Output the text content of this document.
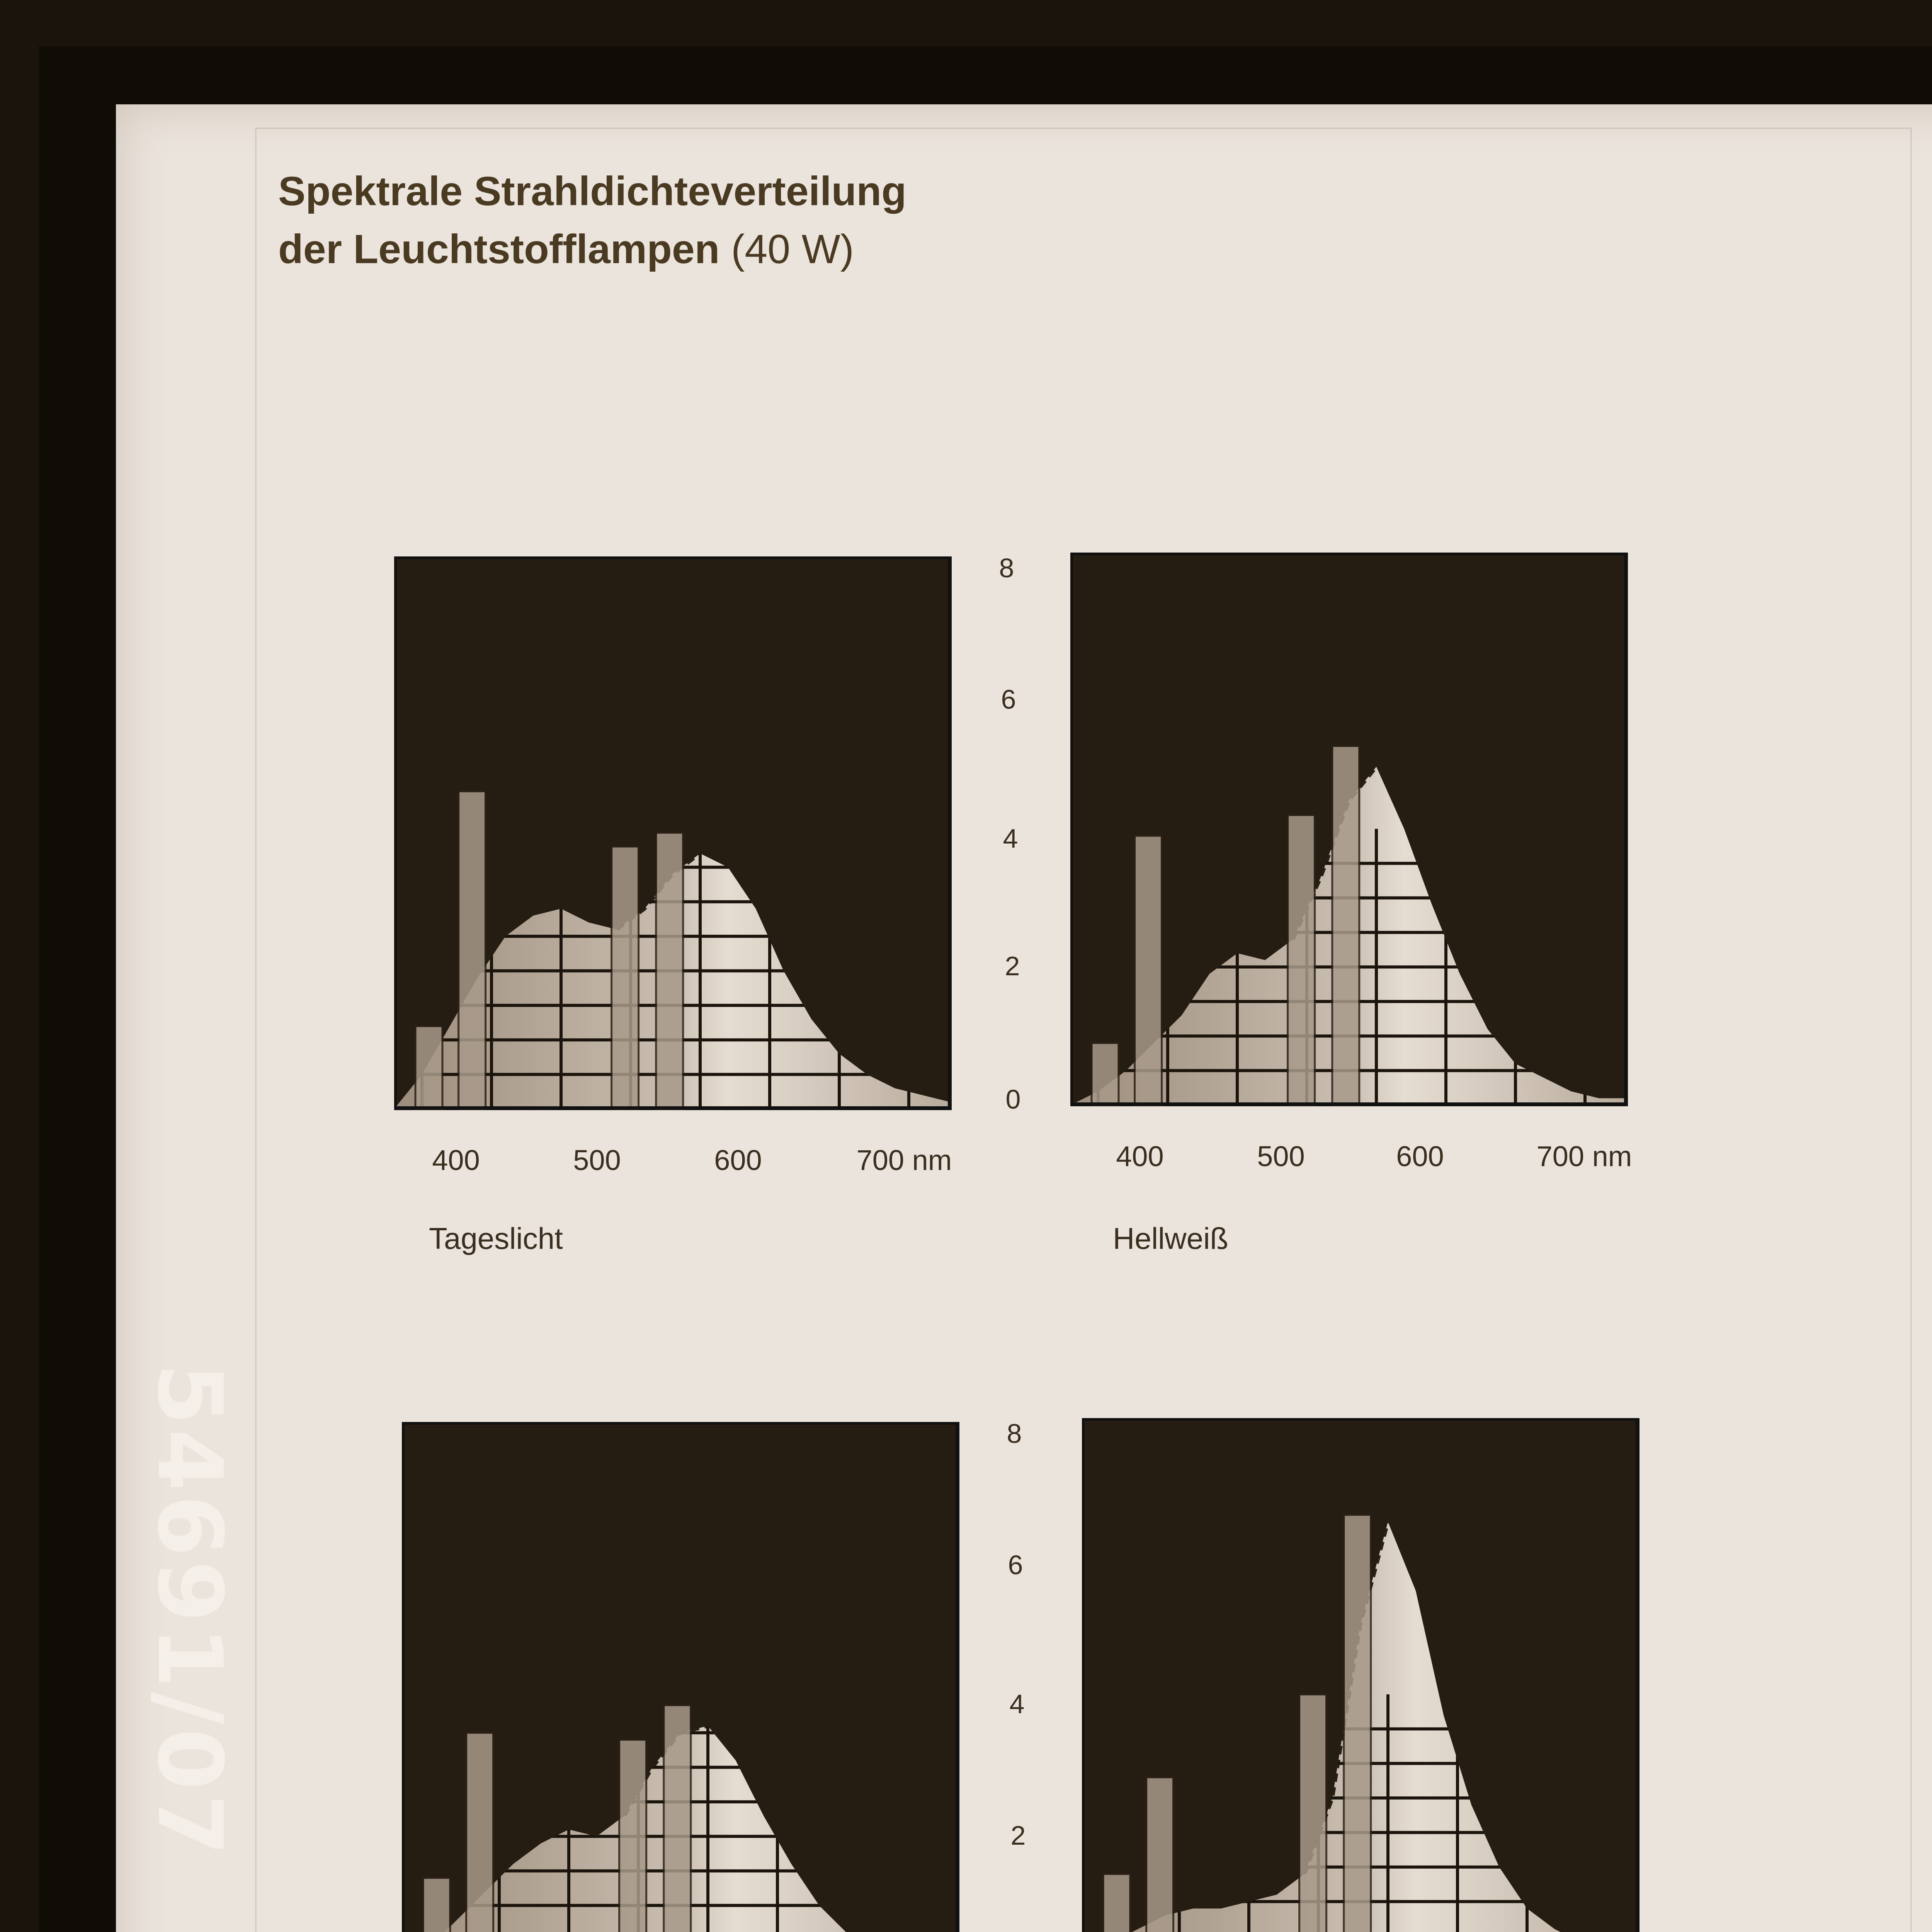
54691/07
Spektrale Strahldichteverteilung
der Leuchtstofflampen (40 W)
400	500	600	700 nm
Tageslicht
400	500	600	700 nm
Hellweiß
8
6
4
2
0
8
6
4
2
